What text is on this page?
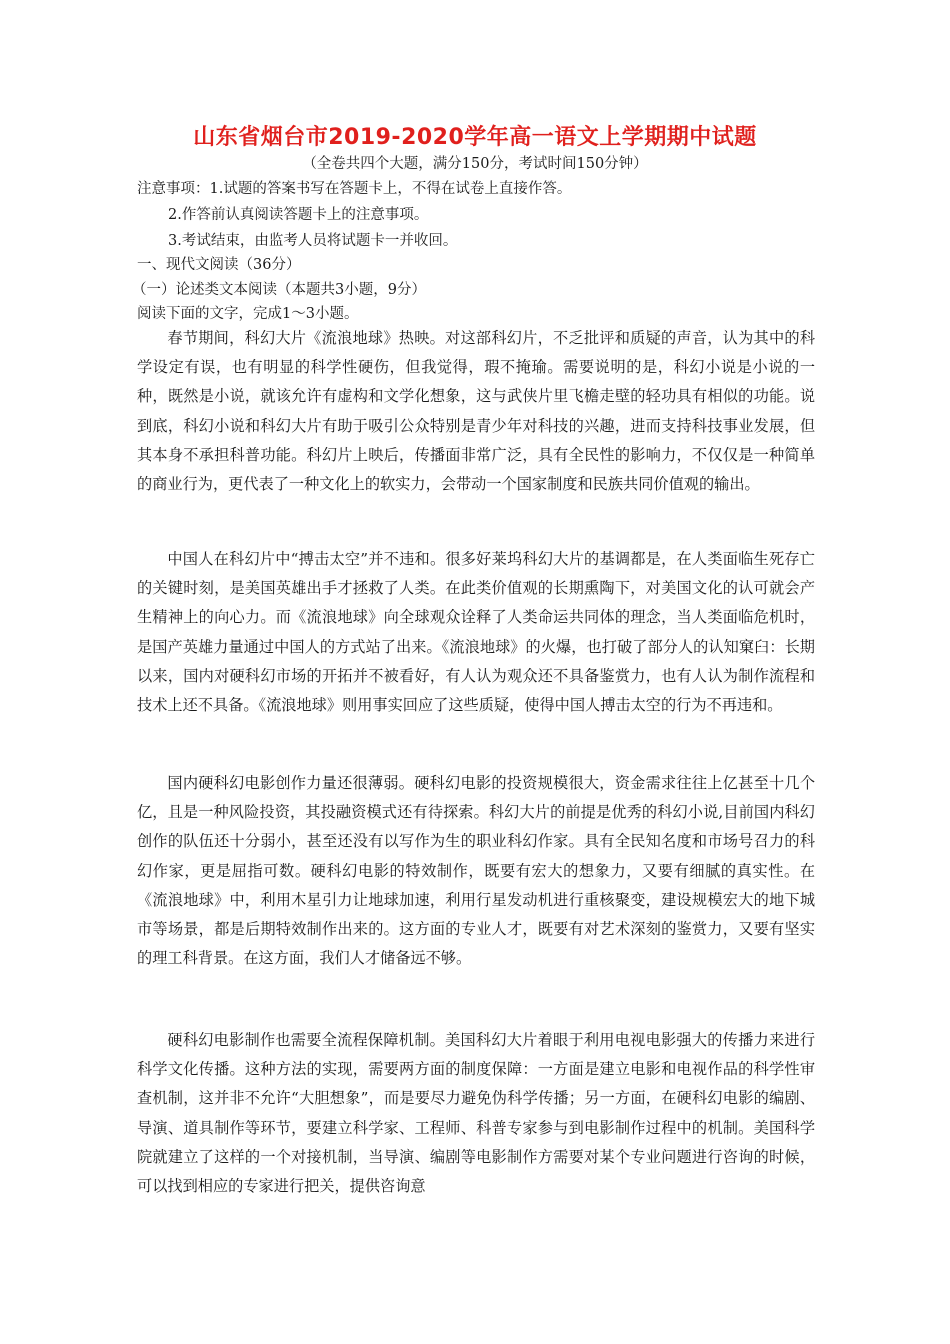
山东省烟台市2019-2020学年高一语文上学期期中试题
（全卷共四个大题，满分150分，考试时间150分钟）
注意事项：1.试题的答案书写在答题卡上，不得在试卷上直接作答。
2.作答前认真阅读答题卡上的注意事项。
3.考试结束，由监考人员将试题卡一并收回。
一、现代文阅读（36分）
（一）论述类文本阅读（本题共3小题，9分）
阅读下面的文字，完成1～3小题。

春节期间，科幻大片《流浪地球》热映。对这部科幻片，不乏批评和质疑的声音，认为其中的科学设定有误，也有明显的科学性硬伤，但我觉得，瑕不掩瑜。需要说明的是，科幻小说是小说的一种，既然是小说，就该允许有虚构和文学化想象，这与武侠片里飞檐走壁的轻功具有相似的功能。说到底，科幻小说和科幻大片有助于吸引公众特别是青少年对科技的兴趣，进而支持科技事业发展，但其本身不承担科普功能。科幻片上映后，传播面非常广泛，具有全民性的影响力，不仅仅是一种简单的商业行为，更代表了一种文化上的软实力，会带动一个国家制度和民族共同价值观的输出。

中国人在科幻片中“搏击太空”并不违和。很多好莱坞科幻大片的基调都是，在人类面临生死存亡的关键时刻，是美国英雄出手才拯救了人类。在此类价值观的长期熏陶下，对美国文化的认可就会产生精神上的向心力。而《流浪地球》向全球观众诠释了人类命运共同体的理念，当人类面临危机时，是国产英雄力量通过中国人的方式站了出来。《流浪地球》的火爆，也打破了部分人的认知窠臼：长期以来，国内对硬科幻市场的开拓并不被看好，有人认为观众还不具备鉴赏力，也有人认为制作流程和技术上还不具备。《流浪地球》则用事实回应了这些质疑，使得中国人搏击太空的行为不再违和。

国内硬科幻电影创作力量还很薄弱。硬科幻电影的投资规模很大，资金需求往往上亿甚至十几个亿，且是一种风险投资，其投融资模式还有待探索。科幻大片的前提是优秀的科幻小说,目前国内科幻创作的队伍还十分弱小，甚至还没有以写作为生的职业科幻作家。具有全民知名度和市场号召力的科幻作家，更是屈指可数。硬科幻电影的特效制作，既要有宏大的想象力，又要有细腻的真实性。在《流浪地球》中，利用木星引力让地球加速，利用行星发动机进行重核聚变，建设规模宏大的地下城市等场景，都是后期特效制作出来的。这方面的专业人才，既要有对艺术深刻的鉴赏力，又要有坚实的理工科背景。在这方面，我们人才储备远不够。

硬科幻电影制作也需要全流程保障机制。美国科幻大片着眼于利用电视电影强大的传播力来进行科学文化传播。这种方法的实现，需要两方面的制度保障：一方面是建立电影和电视作品的科学性审查机制，这并非不允许“大胆想象”，而是要尽力避免伪科学传播；另一方面，在硬科幻电影的编剧、导演、道具制作等环节，要建立科学家、工程师、科普专家参与到电影制作过程中的机制。美国科学院就建立了这样的一个对接机制，当导演、编剧等电影制作方需要对某个专业问题进行咨询的时候，可以找到相应的专家进行把关，提供咨询意
